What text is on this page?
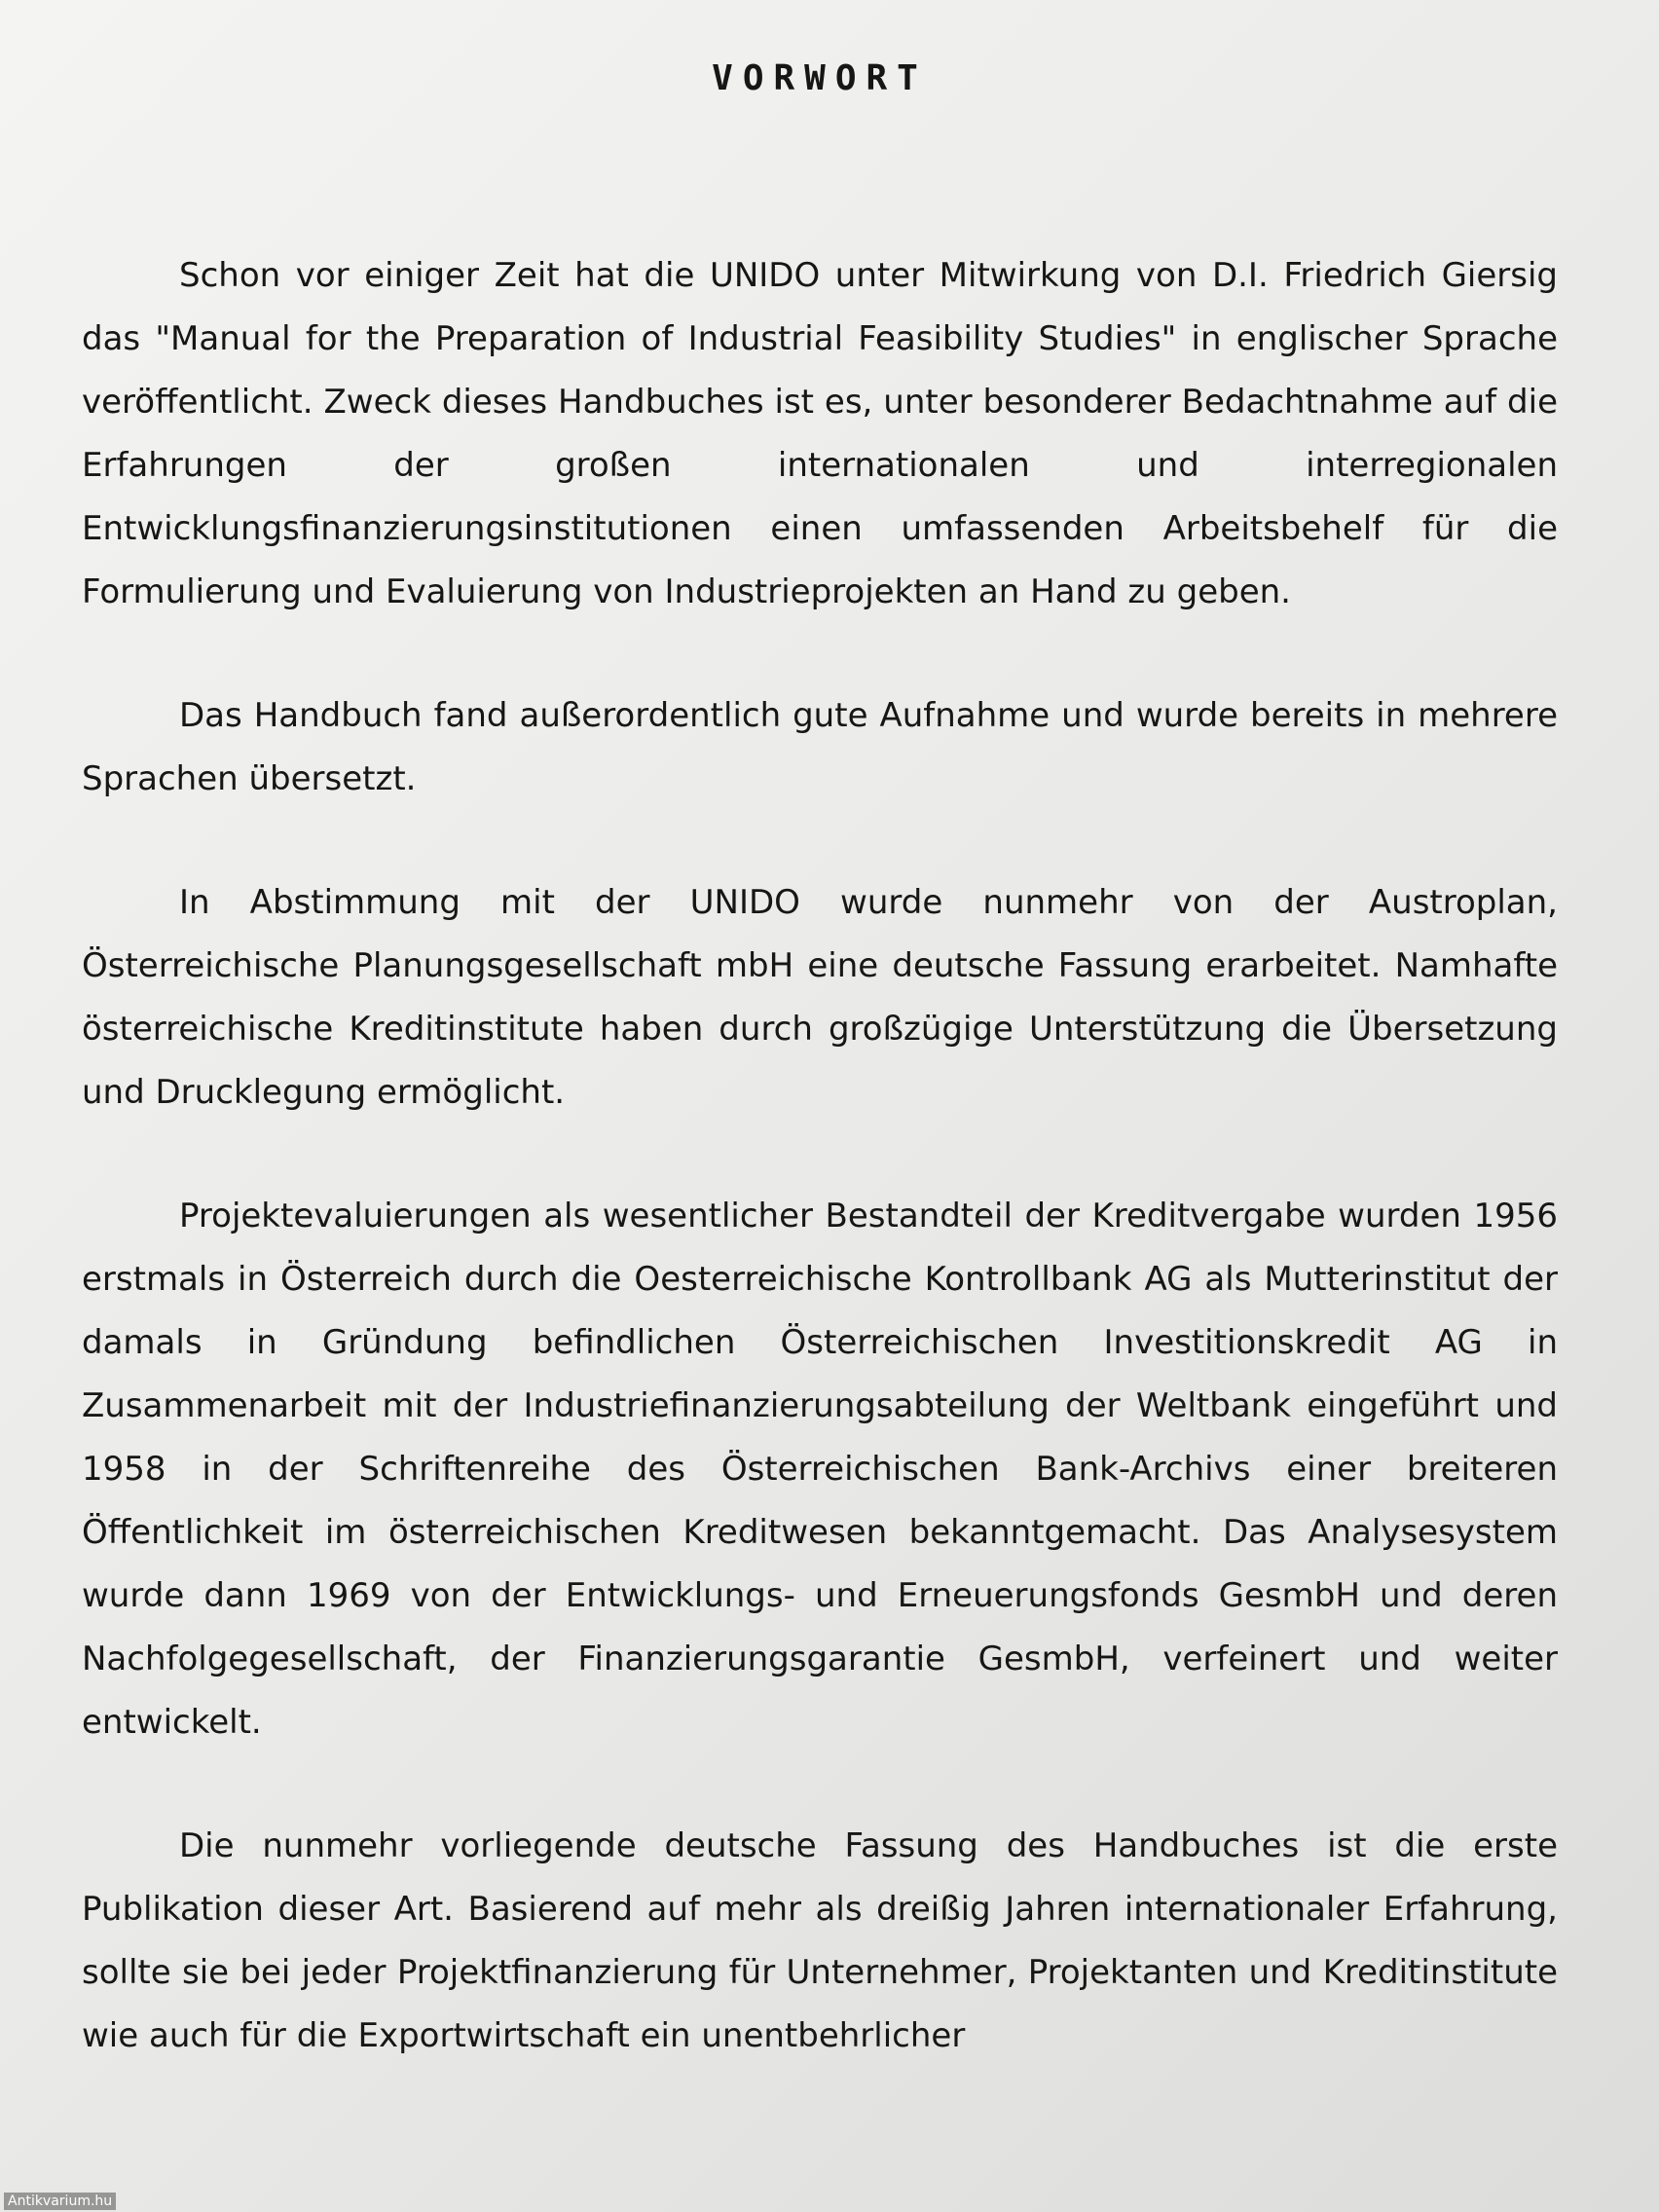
VORWORT

Schon vor einiger Zeit hat die UNIDO unter Mitwirkung von D.I. Friedrich Giersig das "Manual for the Preparation of Industrial Feasibility Studies" in englischer Sprache veröffentlicht. Zweck dieses Handbuches ist es, unter besonderer Bedachtnahme auf die Erfahrungen der großen internationalen und interregionalen Entwicklungsfinanzierungsinstitutionen einen umfassenden Arbeitsbehelf für die Formulierung und Evaluierung von Industrieprojekten an Hand zu geben.

Das Handbuch fand außerordentlich gute Aufnahme und wurde bereits in mehrere Sprachen übersetzt.

In Abstimmung mit der UNIDO wurde nunmehr von der Austroplan, Österreichische Planungsgesellschaft mbH eine deutsche Fassung erarbeitet. Namhafte österreichische Kreditinstitute haben durch großzügige Unterstützung die Übersetzung und Drucklegung ermöglicht.

Projektevaluierungen als wesentlicher Bestandteil der Kreditvergabe wurden 1956 erstmals in Österreich durch die Oesterreichische Kontrollbank AG als Mutterinstitut der damals in Gründung befindlichen Österreichischen Investitionskredit AG in Zusammenarbeit mit der Industriefinanzierungsabteilung der Weltbank eingeführt und 1958 in der Schriftenreihe des Österreichischen Bank-Archivs einer breiteren Öffentlichkeit im österreichischen Kreditwesen bekanntgemacht. Das Analysesystem wurde dann 1969 von der Entwicklungs- und Erneuerungsfonds GesmbH und deren Nachfolgegesellschaft, der Finanzierungsgarantie GesmbH, verfeinert und weiter entwickelt.

Die nunmehr vorliegende deutsche Fassung des Handbuches ist die erste Publikation dieser Art. Basierend auf mehr als dreißig Jahren internationaler Erfahrung, sollte sie bei jeder Projektfinanzierung für Unternehmer, Projektanten und Kreditinstitute wie auch für die Exportwirtschaft ein unentbehrlicher

Antikvarium.hu
